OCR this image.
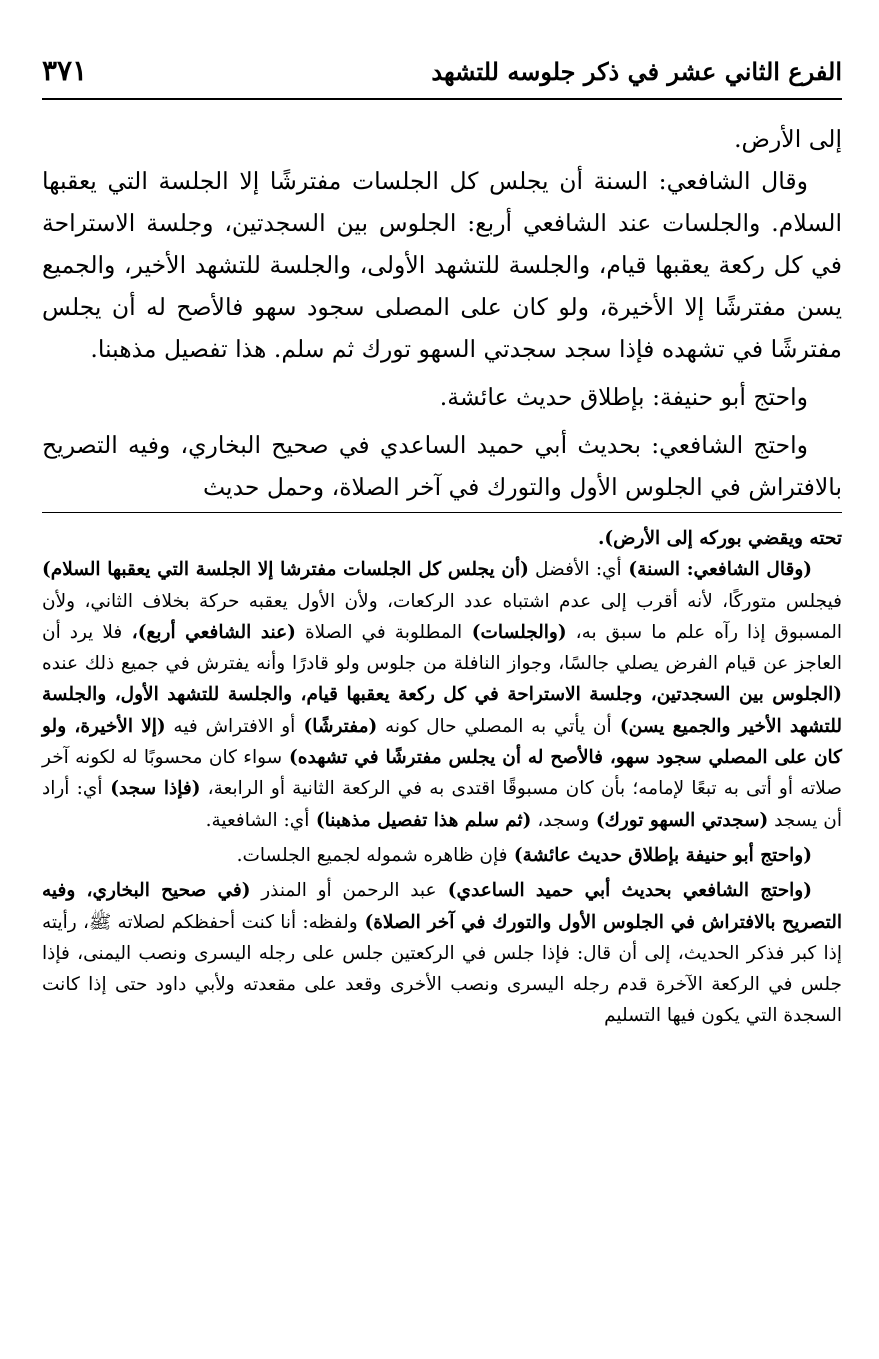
الفرع الثاني عشر في ذكر جلوسه للتشهد
٣٧١

إلى الأرض.

وقال الشافعي: السنة أن يجلس كل الجلسات مفترشًا إلا الجلسة التي يعقبها السلام. والجلسات عند الشافعي أربع: الجلوس بين السجدتين، وجلسة الاستراحة في كل ركعة يعقبها قيام، والجلسة للتشهد الأولى، والجلسة للتشهد الأخير، والجميع يسن مفترشًا إلا الأخيرة، ولو كان على المصلى سجود سهو فالأصح له أن يجلس مفترشًا في تشهده فإذا سجد سجدتي السهو تورك ثم سلم. هذا تفصيل مذهبنا.

واحتج أبو حنيفة: بإطلاق حديث عائشة.

واحتج الشافعي: بحديث أبي حميد الساعدي في صحيح البخاري، وفيه التصريح بالافتراش في الجلوس الأول والتورك في آخر الصلاة، وحمل حديث

تحته ويقضي بوركه إلى الأرض).

(وقال الشافعي: السنة) أي: الأفضل (أن يجلس كل الجلسات مفترشا إلا الجلسة التي يعقبها السلام) فيجلس متوركًا، لأنه أقرب إلى عدم اشتباه عدد الركعات، ولأن الأول يعقبه حركة بخلاف الثاني، ولأن المسبوق إذا رآه علم ما سبق به، (والجلسات) المطلوبة في الصلاة (عند الشافعي أربع)، فلا يرد أن العاجز عن قيام الفرض يصلي جالسًا، وجواز النافلة من جلوس ولو قادرًا وأنه يفترش في جميع ذلك عنده (الجلوس بين السجدتين، وجلسة الاستراحة في كل ركعة يعقبها قيام، والجلسة للتشهد الأول، والجلسة للتشهد الأخير والجميع يسن) أن يأتي به المصلي حال كونه (مفترشًا) أو الافتراش فيه (إلا الأخيرة، ولو كان على المصلي سجود سهو، فالأصح له أن يجلس مفترشًا في تشهده) سواء كان محسوبًا له لكونه آخر صلاته أو أتى به تبعًا لإمامه؛ بأن كان مسبوقًا اقتدى به في الركعة الثانية أو الرابعة، (فإذا سجد) أي: أراد أن يسجد (سجدتي السهو تورك) وسجد، (ثم سلم هذا تفصيل مذهبنا) أي: الشافعية.

(واحتج أبو حنيفة بإطلاق حديث عائشة) فإن ظاهره شموله لجميع الجلسات.

(واحتج الشافعي بحديث أبي حميد الساعدي) عبد الرحمن أو المنذر (في صحيح البخاري، وفيه التصريح بالافتراش في الجلوس الأول والتورك في آخر الصلاة) ولفظه: أنا كنت أحفظكم لصلاته ﷺ، رأيته إذا كبر فذكر الحديث، إلى أن قال: فإذا جلس في الركعتين جلس على رجله اليسرى ونصب اليمنى، فإذا جلس في الركعة الآخرة قدم رجله اليسرى ونصب الأخرى وقعد على مقعدته ولأبي داود حتى إذا كانت السجدة التي يكون فيها التسليم
